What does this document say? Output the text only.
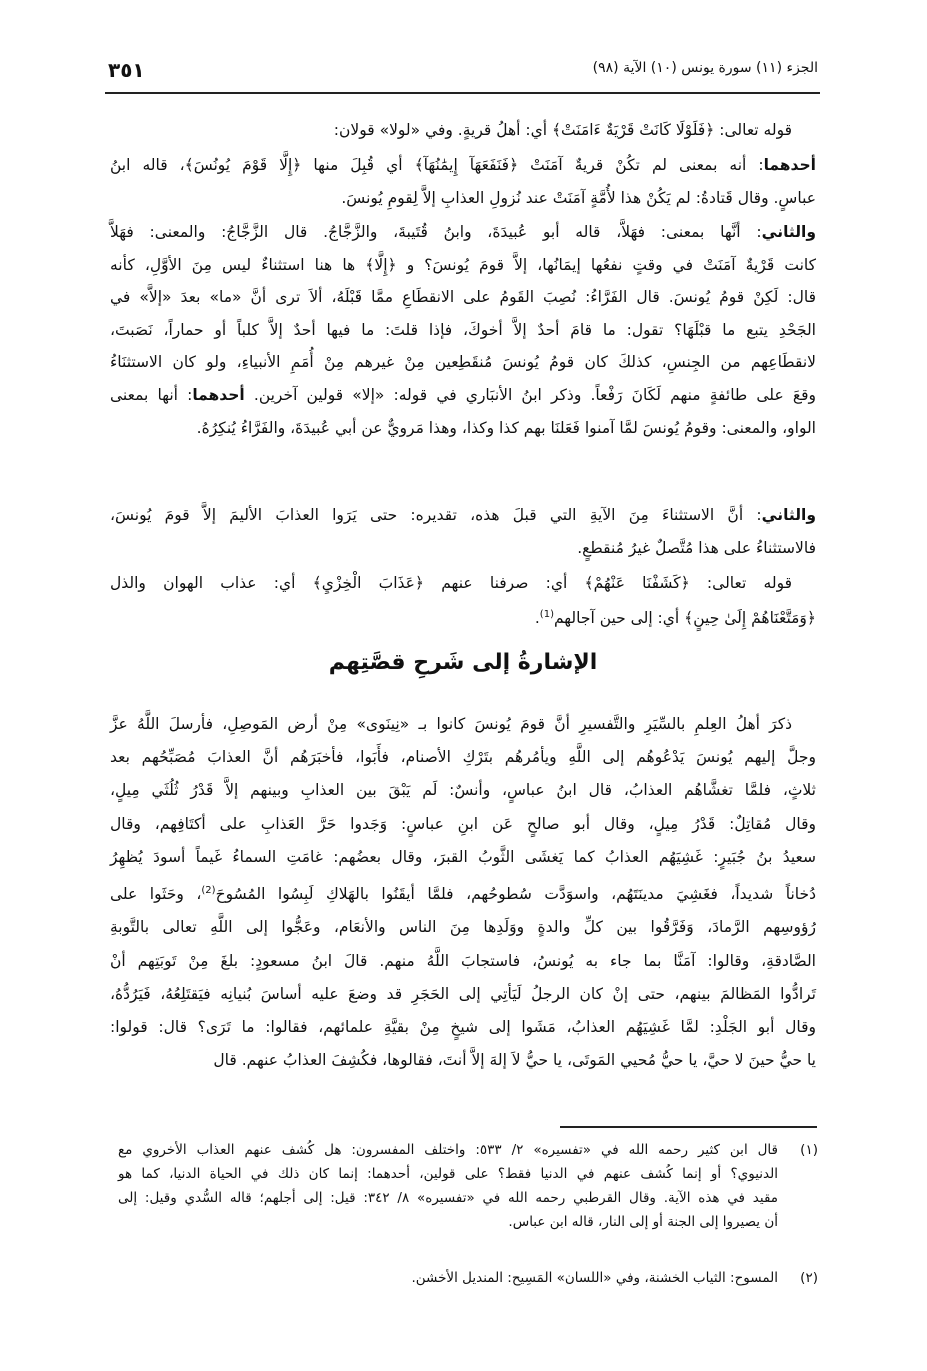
الجزء (١١) سورة يونس (١٠) الآية (٩٨)
٣٥١
قوله تعالى: ﴿فَلَوْلَا كَانَتْ قَرْيَةٌ ءَامَنَتْ﴾ أي: أهلُ قريةٍ. وفي «لولا» قولان:
أحدهما: أنه بمعنى لم تكُنْ قريةٌ آمَنَتْ ﴿فَنَفَعَهَآ إِيمَٰنُهَآ﴾ أي قُبِلَ منها ﴿إِلَّا قَوْمَ يُونُسَ﴾، قاله ابنُ
عباسٍ. وقال قَتادةُ: لم يَكُنْ هذا لأُمَّةٍ آمَنَتْ عند نُزولِ العذابِ إلاَّ لِقومِ يُونسَ.
والثاني: أنَّها بمعنى: فهَلاَّ، قاله أبو عُبيدَةَ، وابنُ قُتَيبةَ، والزَّجَّاجُ. قال الزَّجَّاجُ: والمعنى: فهَلاَّ
كانت قَرْيةٌ آمَنَتْ في وقتٍ نفعُها إيمَانُها، إلاَّ قومَ يُونسَ؟ و ﴿إِلَّا﴾ ها هنا استثناءٌ ليس مِنَ الأوَّلِ، كأنه
قال: لَكِنْ قومُ يُونسَ. قال الفَرَّاءُ: نُصِبَ القَومُ على الانقطَاعِ ممَّا قَبْلَهُ، ألاَ ترى أنَّ «ما» بعدَ «إلاَّ» في
الجَحْدِ يتبع ما قبْلَهَا؟ تقول: ما قامَ أحدٌ إلاَّ أخوكَ، فإذا قلتَ: ما فيها أحدٌ إلاَّ كلباً أو حماراً، نَصَبتَ،
لانقطَاعِهم من الجِنسِ، كذلكَ كان قومُ يُونسَ مُنقَطِعين مِنْ غيرهم مِنْ أُمَمِ الأنبياءِ، ولو كان الاستثنَاءُ
وقعَ على طائفةٍ منهم لَكَانَ رَفْعاً. وذكر ابنُ الأنبَاري في قوله: «إلا» قولين آخرين. أحدهما: أنها بمعنى
الواو، والمعنى: وقومُ يُونسَ لمَّا آمنوا فَعَلنَا بهم كذا وكذا، وهذا مَرويٌّ عن أبي عُبيدَةَ، والفَرَّاءُ يُنكِرُهُ.
والثاني: أنَّ الاستثناءَ مِنَ الآيةِ التي قبلَ هذه، تقديره: حتى يَرَوا العذابَ الأليمَ إلاَّ قومَ يُونسَ،
فالاستثناءُ على هذا مُتَّصلٌ غيرُ مُنقطعٍ.
قوله تعالى: ﴿كَشَفْنَا عَنْهُمْ﴾ أي: صرفنا عنهم ﴿عَذَابَ الْخِزْيِ﴾ أي: عذاب الهوان والذل
﴿وَمَتَّعْنَاهُمْ إِلَىٰ حِينٍ﴾ أي: إلى حين آجالهم$^{(1)}$.
ذكرَ أهلُ العِلمِ بالسِّيَرِ والتَّفسيرِ أنَّ قومَ يُونسَ كانوا بـ «نِينَوى» مِنْ أرض المَوصِلِ، فأرسلَ اللَّهُ عزَّ
وجلَّ إليهم يُونسَ يَدْعُوهُم إلى اللَّهِ ويأمُرهُم بتَرْكِ الأصنام، فأَبَوا، فأخبَرَهُم أنَّ العذابَ مُصَبِّحُهم بعد
ثلاثٍ، فلمَّا تغشَّاهُم العذابُ، قال ابنُ عباسٍ، وأنسٌ: لَم يَبْقَ بين العذابِ وبينهم إلاَّ قَدْرُ ثُلُثَي مِيلٍ،
وقال مُقاتِلٌ: قَدْرُ مِيلٍ، وقال أبو صالحٍ عَن ابنِ عباسٍ: وَجَدوا حَرَّ العَذابِ على أكتَافِهم، وقال
سعيدُ بنُ جُبَيرٍ: غَشِيَهُم العذابُ كما يَغشَى الثَّوبُ القبرَ، وقال بعضُهم: غامَتِ السماءُ غَيماً أسودَ يُظهِرُ
دُخاناً شديداً، فغَشِيَ مدينَتَهُم، واسوَدَّت سُطوحُهم، فلمَّا أيقَنُوا بالهَلاكِ لَبِسُوا المُسُوحَ$^{(2)}$، وحَثَوا على
رُؤوسِهم الرَّمادَ، وَفَرَّقُوا بين كلِّ والدةٍ ووَلَدِها مِنَ الناس والأنعَام، وعَجُّوا إلى اللَّهِ تعالى بالتَّوبةِ
الصَّادقةِ، وقالوا: آمَنَّا بما جاء به يُونسُ، فاستجابَ اللَّهُ منهم. قالَ ابنُ مسعودٍ: بلغَ مِنْ تَوبَتِهم أنْ
تَرادُّوا المَظالمَ بينهم، حتى إنْ كان الرجلُ لَيَأتِي إلى الحَجَرِ قد وضعَ عليه أساسَ بُنيانِه فيَقتَلِعُهُ، فَيَرُدُّهُ،
وقال أبو الجَلْدِ: لمَّا غَشِيَهُم العذابُ، مَشَوا إلى شيخٍ مِنْ بقيَّةِ علمائهم، فقالوا: ما تَرَى؟ قال: قولوا:
يا حيُّ حينَ لا حيَّ، يا حيُّ مُحيي المَوتَى، يا حيُّ لاَ إلهَ إلاَّ أنتَ، فقالوها، فكُشِفَ العذابُ عنهم. قال
الإشارةُ إلى شَرحِ قصَّتِهم
(١)
قال ابن كثير رحمه الله في «تفسيره» ٢/ ٥٣٣: واختلف المفسرون: هل كُشف عنهم العذاب الأخروي مع
الدنيوي؟ أو إنما كُشف عنهم في الدنيا فقط؟ على قولين، أحدهما: إنما كان ذلك في الحياة الدنيا، كما هو
مقيد في هذه الآية. وقال القرطبي رحمه الله في «تفسيره» ٨/ ٣٤٢: قيل: إلى أجلهم؛ قاله السُّدي وقيل: إلى
أن يصيروا إلى الجنة أو إلى النار، قاله ابن عباس.
(٢)
المسوح: الثياب الخشنة، وفي «اللسان» المَسِيح: المنديل الأخشن.
